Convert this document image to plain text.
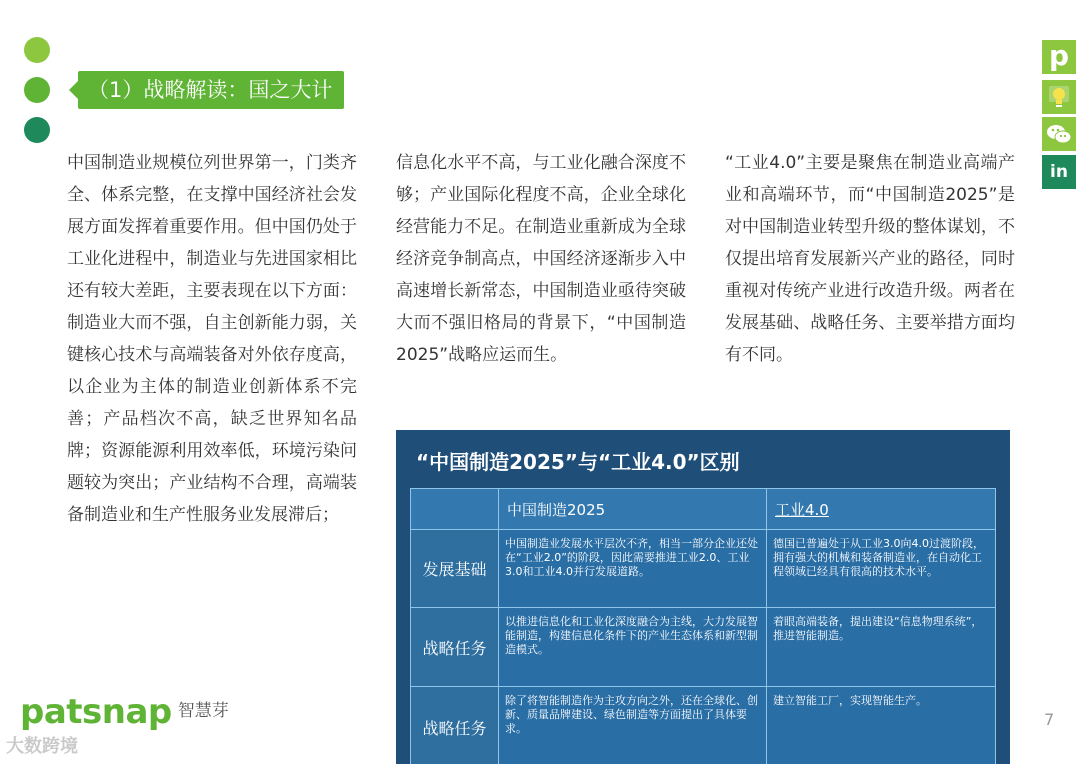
（1）战略解读：国之大计

中国制造业规模位列世界第一，门类齐全、体系完整，在支撑中国经济社会发展方面发挥着重要作用。但中国仍处于工业化进程中，制造业与先进国家相比还有较大差距，主要表现在以下方面：制造业大而不强，自主创新能力弱，关键核心技术与高端装备对外依存度高，以企业为主体的制造业创新体系不完善；产品档次不高，缺乏世界知名品牌；资源能源利用效率低，环境污染问题较为突出；产业结构不合理，高端装备制造业和生产性服务业发展滞后；

信息化水平不高，与工业化融合深度不够；产业国际化程度不高，企业全球化经营能力不足。在制造业重新成为全球经济竞争制高点，中国经济逐渐步入中高速增长新常态，中国制造业亟待突破大而不强旧格局的背景下，“中国制造2025”战略应运而生。

“工业4.0”主要是聚焦在制造业高端产业和高端环节，而“中国制造2025”是对中国制造业转型升级的整体谋划，不仅提出培育发展新兴产业的路径，同时重视对传统产业进行改造升级。两者在发展基础、战略任务、主要举措方面均有不同。

“中国制造2025”与“工业4.0”区别
	中国制造2025	工业4.0
发展基础	中国制造业发展水平层次不齐，相当一部分企业还处在“工业2.0”的阶段，因此需要推进工业2.0、工业3.0和工业4.0并行发展道路。	德国已普遍处于从工业3.0向4.0过渡阶段，拥有强大的机械和装备制造业，在自动化工程领域已经具有很高的技术水平。
战略任务	以推进信息化和工业化深度融合为主线，大力发展智能制造，构建信息化条件下的产业生态体系和新型制造模式。	着眼高端装备，提出建设“信息物理系统”，推进智能制造。
战略任务	除了将智能制造作为主攻方向之外，还在全球化、创新、质量品牌建设、绿色制造等方面提出了具体要求。	建立智能工厂，实现智能生产。
p
in
patsnap 智慧芽
大数跨境
7
